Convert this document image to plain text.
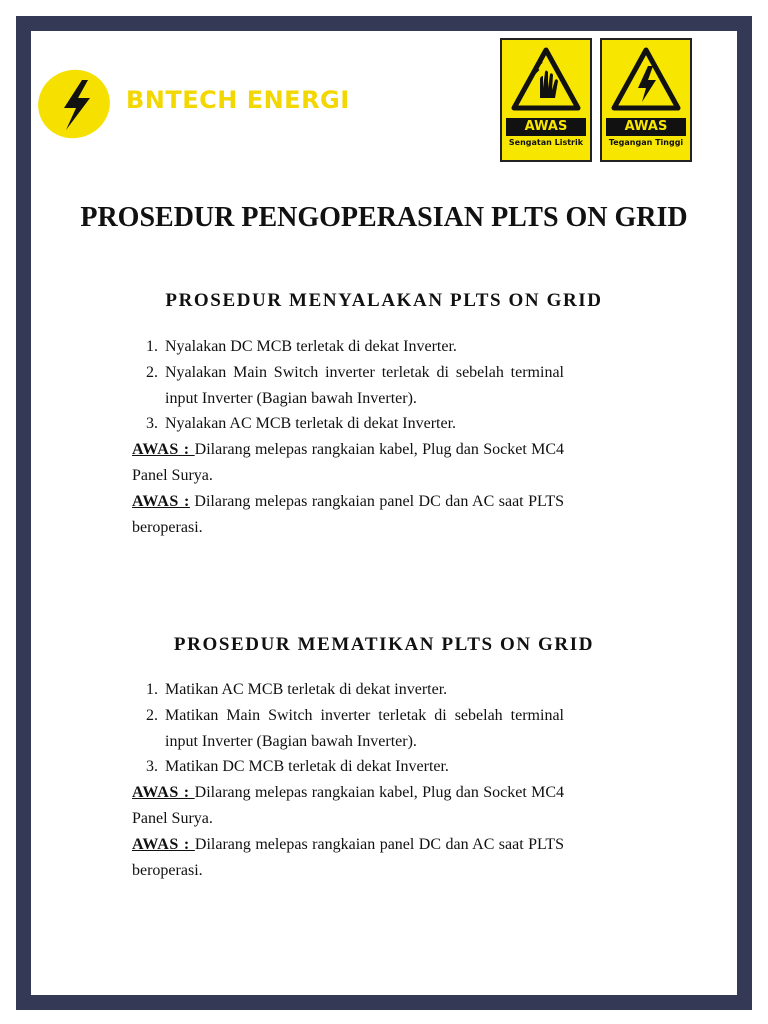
BNTECH ENERGI
AWAS
Sengatan Listrik
AWAS
Tegangan Tinggi
PROSEDUR PENGOPERASIAN PLTS ON GRID
PROSEDUR MENYALAKAN PLTS ON GRID
1. Nyalakan DC MCB terletak di dekat Inverter.
2. Nyalakan Main Switch inverter terletak di sebelah terminal input Inverter (Bagian bawah Inverter).
3. Nyalakan AC MCB terletak di dekat Inverter.
AWAS : Dilarang melepas rangkaian kabel, Plug dan Socket MC4 Panel Surya.
AWAS : Dilarang melepas rangkaian panel DC dan AC saat PLTS beroperasi.
PROSEDUR MEMATIKAN PLTS ON GRID
1. Matikan AC MCB terletak di dekat inverter.
2. Matikan Main Switch inverter terletak di sebelah terminal input Inverter (Bagian bawah Inverter).
3. Matikan DC MCB terletak di dekat Inverter.
AWAS : Dilarang melepas rangkaian kabel, Plug dan Socket MC4 Panel Surya.
AWAS : Dilarang melepas rangkaian panel DC dan AC saat PLTS beroperasi.
